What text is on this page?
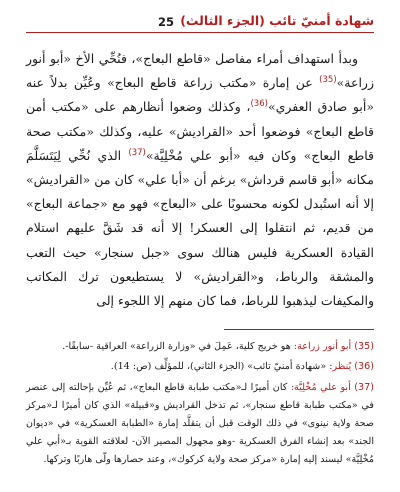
شهادة أمنيّ تائب (الجزء الثالث)
25

وبدأ استهداف أمراء مفاصل «قاطع البعاج»، فنُحِّي الأخ «أبو أنور زراعة»$^{(35)}$ عن إمارة «مكتب زراعة قاطع البعاج» وعُيِّن بدلاً عنه «أبو صادق العفري»$^{(36)}$، وكذلك وضعوا أنظارهم على «مكتب أمن قاطع البعاج» فوضعوا أحد «القراديش» عليه، وكذلك «مكتب صحة قاطع البعاج» وكان فيه «أبو علي مُخْلِيَّة»$^{(37)}$ الذي نُحِّي لِيَتَسَلَّمَ مكانه «أبو قاسم قرداش» برغم أن «أبا علي» كان من «القراديش» إلا أنه استُبدل لكونه محسوبًا على «البعاج» فهو مع «جماعة البعاج» من قديم، ثم انتقلوا إلى العسكر! إلا أنه قد شَقَّ عليهم استلام القيادة العسكرية فليس هنالك سوى «جبل سنجار» حيث التعب والمشقة والرباط، و«القراديش» لا يستطيعون ترك المكاتب والمكيفات ليذهبوا للرباط، فما كان منهم إلا اللجوء إلى

(35) أبو أنور زراعة: هو خريج كلية، عَمِلَ في «وزارة الزراعة» العراقية -سابقًا-.

(36) يُنظر: «شهادة أمنيّ تائب» (الجزء الثاني)، للمؤلِّف (ص: 14).

(37) أبو علي مُخْلِيَّة: كان أميرًا لـ«مكتب طبابة قاطع البعاج»، ثم عُيِّن بإحالته إلى عنصر في «مكتب طبابة قاطع سنجار»، ثم تدخل القراديش و«قبيلة» الذي كان أميرًا لـ«مركز صحة ولاية نينوى» في ذلك الوقت قبل أن يتقلَّد إمارة «الطبابة العسكرية» في «ديوان الجند» بعد إنشاء الفرق العسكرية -وهو مجهول المصير الآن- لعلاقته القوية بـ«أبي علي مُخْلِيَّة» ليسند إليه إمارة «مركز صحة ولاية كركوك»، وعند حصارها ولّى هاربًا وتركها.
